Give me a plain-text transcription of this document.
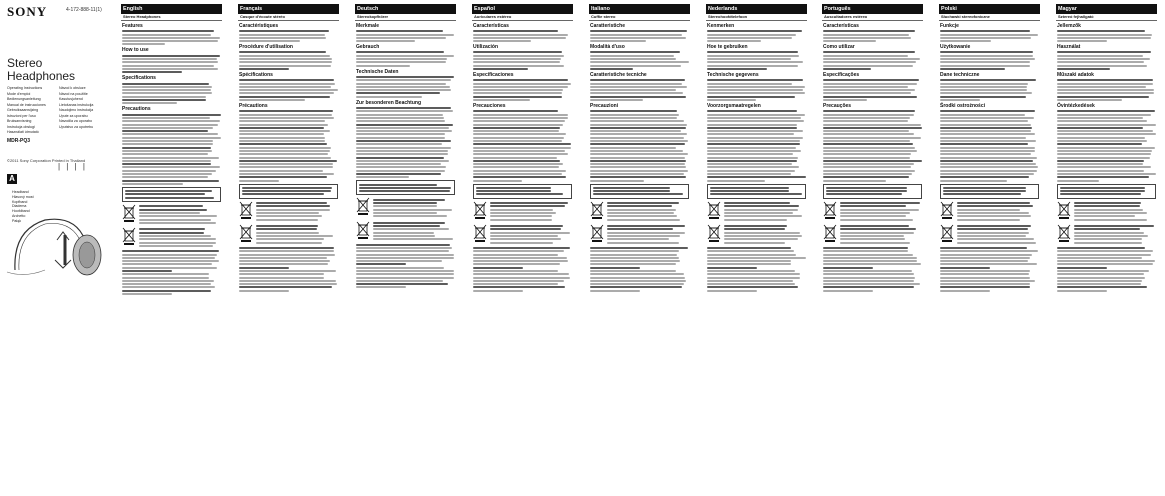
SONY	4-172-888-11(1)
Stereo
Headphones
Operating Instructions
Mode d'emploi
Bedienungsanleitung
Manual de instrucciones
Gebruiksaanwijzing
Istruzioni per l'uso
Bruksanvisning
Instrukcja obsługi
Használati útmutató
Návod k obsluze
Návod na použitie
Kasutusjuhend
Lietošanas instrukcija
Naudojimo instrukcija
Upute za uporabu
Navodila za uporabo
Uputstvo za upotrebu
MDR-PQ3
©2011 Sony Corporation Printed in Thailand
| | | |
A
Headband
Hlavový most
Kopfband
Diadema
Hoofdband
Archetto
Pałąk
English
Stereo Headphones
Features
How to use
Specifications
Precautions
Français
Casque d'écoute stéréo
Caractéristiques
Procédure d'utilisation
Spécifications
Précautions
Deutsch
Stereokopfhörer
Merkmale
Gebrauch
Technische Daten
Zur besonderen Beachtung
Español
Auriculares estéreo
Características
Utilización
Especificaciones
Precauciones
Italiano
Cuffie stereo
Caratteristiche
Modalità d'uso
Caratteristiche tecniche
Precauzioni
Nederlands
Stereohoofdtelefoon
Kenmerken
Hoe te gebruiken
Technische gegevens
Voorzorgsmaatregelen
Português
Auscultadores estéreo
Características
Como utilizar
Especificações
Precauções
Polski
Słuchawki stereofoniczne
Funkcje
Użytkowanie
Dane techniczne
Środki ostrożności
Magyar
Sztereó fejhallgató
Jellemzők
Használat
Műszaki adatok
Óvintézkedések
